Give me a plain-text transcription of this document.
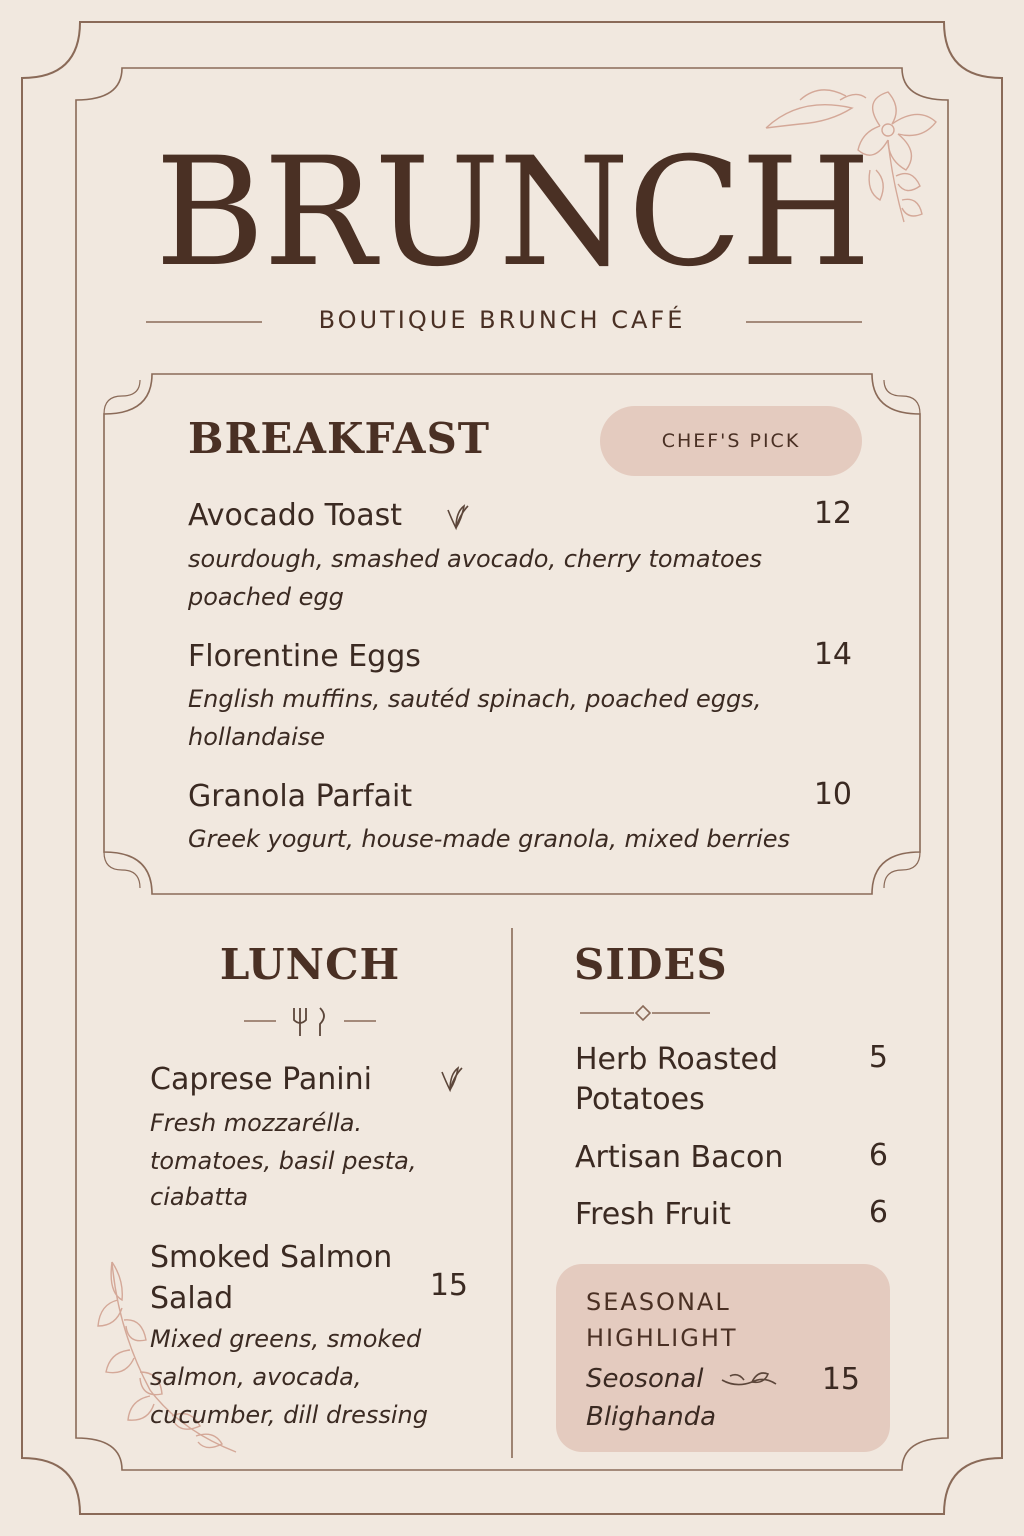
BRUNCH
BOUTIQUE BRUNCH CAFÉ
BREAKFAST	CHEF'S PICK
Avocado Toast	12
sourdough, smashed avocado, cherry tomatoes
poached egg
Florentine Eggs	14
English muffins, sautéd spinach, poached eggs,
hollandaise
Granola Parfait	10
Greek yogurt, house-made granola, mixed berries
LUNCH
Caprese Panini
Fresh mozzarélla.
tomatoes, basil pesta,
ciabatta
Smoked Salmon
Salad	15
Mixed greens, smoked
salmon, avocada,
cucumber, dill dressing
SIDES
Herb Roasted
Potatoes
5
Artisan Bacon	6
Fresh Fruit	6
SEASONAL
HIGHLIGHT
Seosonal
Blighanda
15
